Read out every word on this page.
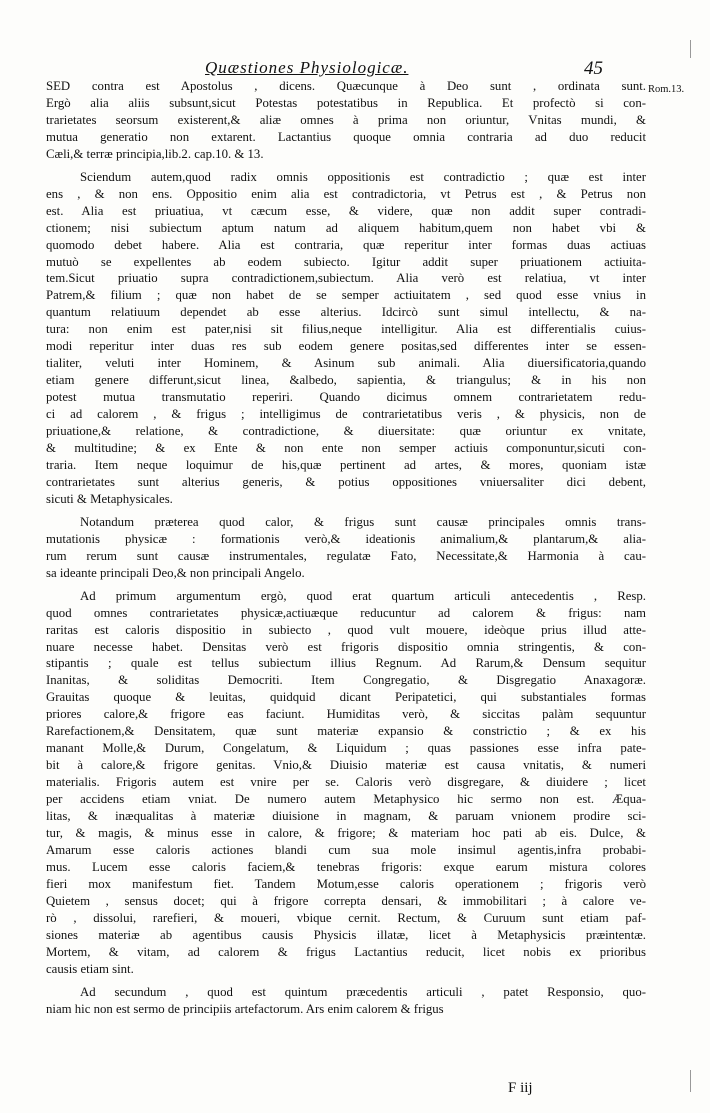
Quæstiones Physiologicæ.	45
Rom.13.
SED contra est Apostolus , dicens. Quæcunque à Deo sunt , ordinata sunt.
Ergò alia aliis subsunt,sicut Potestas potestatibus in Republica. Et profectò si con-
trarietates seorsum existerent,& aliæ omnes à prima non oriuntur, Vnitas mundi, &
mutua generatio non extarent. Lactantius quoque omnia contraria ad duo reducit
Cæli,& terræ principia,lib.2. cap.10. & 13.
Sciendum autem,quod radix omnis oppositionis est contradictio ; quæ est inter
ens , & non ens. Oppositio enim alia est contradictoria, vt Petrus est , & Petrus non
est. Alia est priuatiua, vt cæcum esse, & videre, quæ non addit super contradi-
ctionem; nisi subiectum aptum natum ad aliquem habitum,quem non habet vbi &
quomodo debet habere. Alia est contraria, quæ reperitur inter formas duas actiuas
mutuò se expellentes ab eodem subiecto. Igitur addit super priuationem actiuita-
tem.Sicut priuatio supra contradictionem,subiectum. Alia verò est relatiua, vt inter
Patrem,& filium ; quæ non habet de se semper actiuitatem , sed quod esse vnius in
quantum relatiuum dependet ab esse alterius. Idcircò sunt simul intellectu, & na-
tura: non enim est pater,nisi sit filius,neque intelligitur. Alia est differentialis cuius-
modi reperitur inter duas res sub eodem genere positas,sed differentes inter se essen-
tialiter, veluti inter Hominem, & Asinum sub animali. Alia diuersificatoria,quando
etiam genere differunt,sicut linea, &albedo, sapientia, & triangulus; & in his non
potest mutua transmutatio reperiri. Quando dicimus omnem contrarietatem redu-
ci ad calorem , & frigus ; intelligimus de contrarietatibus veris , & physicis, non de
priuatione,& relatione, & contradictione, & diuersitate: quæ oriuntur ex vnitate,
& multitudine; & ex Ente & non ente non semper actiuis componuntur,sicuti con-
traria. Item neque loquimur de his,quæ pertinent ad artes, & mores, quoniam istæ
contrarietates sunt alterius generis, & potius oppositiones vniuersaliter dici debent,
sicuti & Metaphysicales.
Notandum præterea quod calor, & frigus sunt causæ principales omnis trans-
mutationis physicæ : formationis verò,& ideationis animalium,& plantarum,& alia-
rum rerum sunt causæ instrumentales, regulatæ Fato, Necessitate,& Harmonia à cau-
sa ideante principali Deo,& non principali Angelo.
Ad primum argumentum ergò, quod erat quartum articuli antecedentis , Resp.
quod omnes contrarietates physicæ,actiuæque reducuntur ad calorem & frigus: nam
raritas est caloris dispositio in subiecto , quod vult mouere, ideòque prius illud atte-
nuare necesse habet. Densitas verò est frigoris dispositio omnia stringentis, & con-
stipantis ; quale est tellus subiectum illius Regnum. Ad Rarum,& Densum sequitur
Inanitas, & soliditas Democriti. Item Congregatio, & Disgregatio Anaxagoræ.
Grauitas quoque & leuitas, quidquid dicant Peripatetici, qui substantiales formas
priores calore,& frigore eas faciunt. Humiditas verò, & siccitas palàm sequuntur
Rarefactionem,& Densitatem, quæ sunt materiæ expansio & constrictio ; & ex his
manant Molle,& Durum, Congelatum, & Liquidum ; quas passiones esse infra pate-
bit à calore,& frigore genitas. Vnio,& Diuisio materiæ est causa vnitatis, & numeri
materialis. Frigoris autem est vnire per se. Caloris verò disgregare, & diuidere ; licet
per accidens etiam vniat. De numero autem Metaphysico hic sermo non est. Æqua-
litas, & inæqualitas à materiæ diuisione in magnam, & paruam vnionem prodire sci-
tur, & magis, & minus esse in calore, & frigore; & materiam hoc pati ab eis. Dulce, &
Amarum esse caloris actiones blandi cum sua mole insimul agentis,infra probabi-
mus. Lucem esse caloris faciem,& tenebras frigoris: exque earum mistura colores
fieri mox manifestum fiet. Tandem Motum,esse caloris operationem ; frigoris verò
Quietem , sensus docet; qui à frigore correpta densari, & immobilitari ; à calore ve-
rò , dissolui, rarefieri, & moueri, vbique cernit. Rectum, & Curuum sunt etiam paf-
siones materiæ ab agentibus causis Physicis illatæ, licet à Metaphysicis præintentæ.
Mortem, & vitam, ad calorem & frigus Lactantius reducit, licet nobis ex prioribus
causis etiam sint.
Ad secundum , quod est quintum præcedentis articuli , patet Responsio, quo-
niam hic non est sermo de principiis artefactorum. Ars enim calorem & frigus
F iij
